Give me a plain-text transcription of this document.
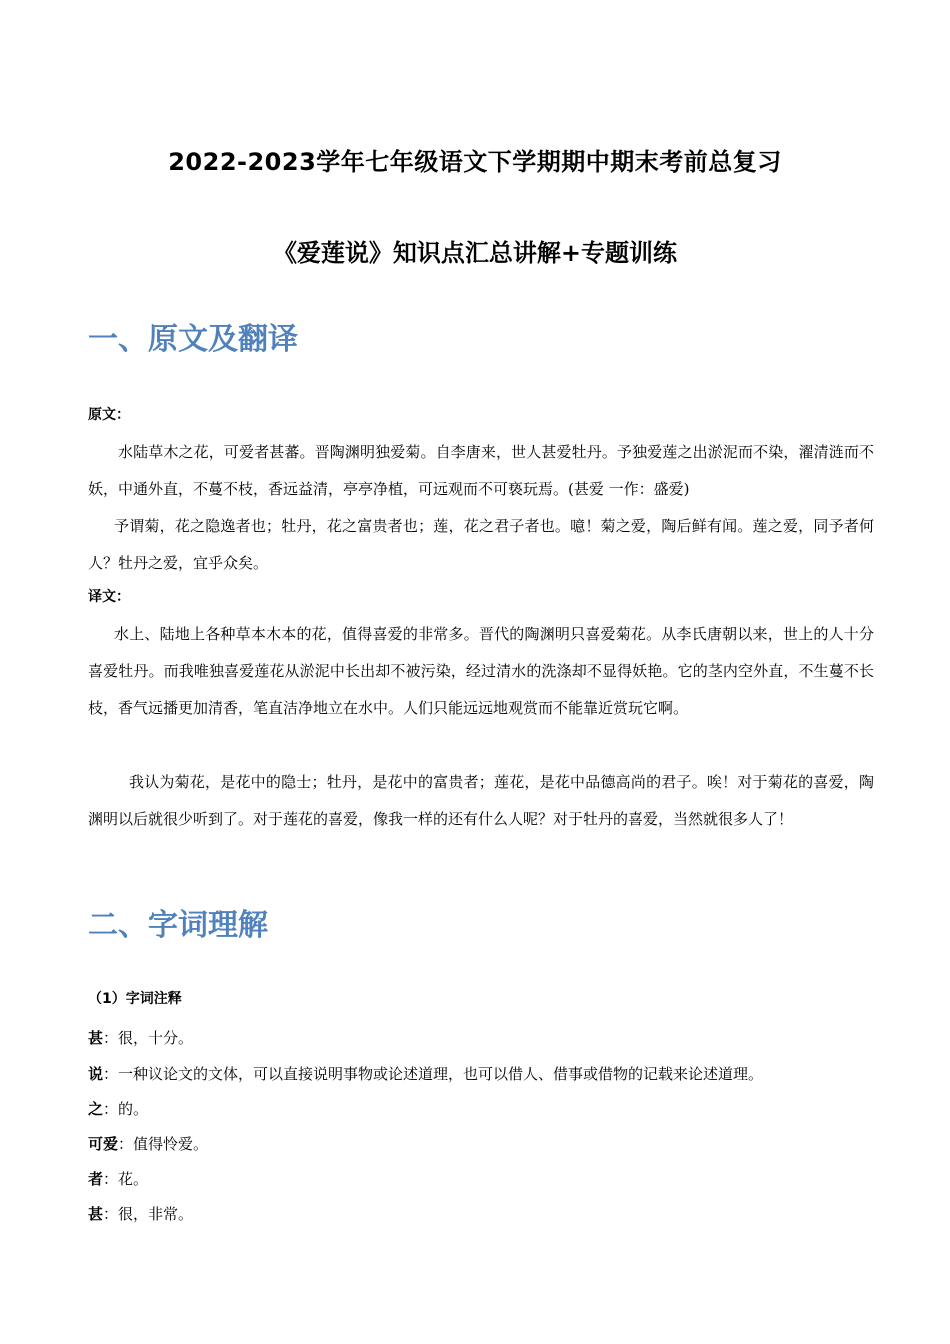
2022-2023学年七年级语文下学期期中期末考前总复习
《爱莲说》知识点汇总讲解+专题训练
一、原文及翻译
原文：

水陆草木之花，可爱者甚蕃。晋陶渊明独爱菊。自李唐来，世人甚爱牡丹。予独爱莲之出淤泥而不染，濯清涟而不妖，中通外直，不蔓不枝，香远益清，亭亭净植，可远观而不可亵玩焉。(甚爱 一作：盛爱)

予谓菊，花之隐逸者也；牡丹，花之富贵者也；莲，花之君子者也。噫！菊之爱，陶后鲜有闻。莲之爱，同予者何人？牡丹之爱，宜乎众矣。

译文：

水上、陆地上各种草本木本的花，值得喜爱的非常多。晋代的陶渊明只喜爱菊花。从李氏唐朝以来，世上的人十分喜爱牡丹。而我唯独喜爱莲花从淤泥中长出却不被污染，经过清水的洗涤却不显得妖艳。它的茎内空外直，不生蔓不长枝，香气远播更加清香，笔直洁净地立在水中。人们只能远远地观赏而不能靠近赏玩它啊。

我认为菊花，是花中的隐士；牡丹，是花中的富贵者；莲花，是花中品德高尚的君子。唉！对于菊花的喜爱，陶渊明以后就很少听到了。对于莲花的喜爱，像我一样的还有什么人呢？对于牡丹的喜爱，当然就很多人了！

二、字词理解
（1）字词注释
甚：很，十分。
说：一种议论文的文体，可以直接说明事物或论述道理，也可以借人、借事或借物的记载来论述道理。
之：的。
可爱：值得怜爱。
者：花。
甚：很，非常。
